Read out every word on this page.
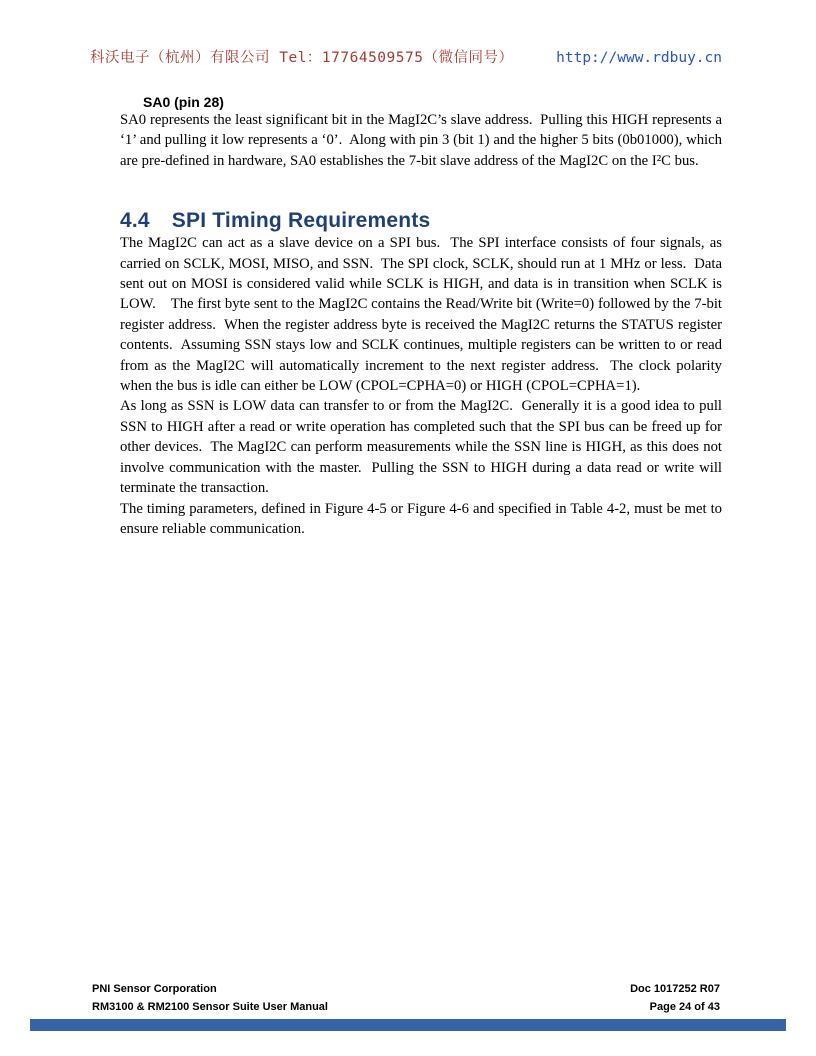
科沃电子（杭州）有限公司 Tel：17764509575（微信同号）	http://www.rdbuy.cn
SA0 (pin 28)

SA0 represents the least significant bit in the MagI2C’s slave address.  Pulling this HIGH represents a ‘1’ and pulling it low represents a ‘0’.  Along with pin 3 (bit 1) and the higher 5 bits (0b01000), which are pre-defined in hardware, SA0 establishes the 7-bit slave address of the MagI2C on the I²C bus.

4.4 SPI Timing Requirements

The MagI2C can act as a slave device on a SPI bus.  The SPI interface consists of four signals, as carried on SCLK, MOSI, MISO, and SSN.  The SPI clock, SCLK, should run at 1 MHz or less.  Data sent out on MOSI is considered valid while SCLK is HIGH, and data is in transition when SCLK is LOW.    The first byte sent to the MagI2C contains the Read/Write bit (Write=0) followed by the 7-bit register address.  When the register address byte is received the MagI2C returns the STATUS register contents.  Assuming SSN stays low and SCLK continues, multiple registers can be written to or read from as the MagI2C will automatically increment to the next register address.  The clock polarity when the bus is idle can either be LOW (CPOL=CPHA=0) or HIGH (CPOL=CPHA=1).

As long as SSN is LOW data can transfer to or from the MagI2C.  Generally it is a good idea to pull SSN to HIGH after a read or write operation has completed such that the SPI bus can be freed up for other devices.  The MagI2C can perform measurements while the SSN line is HIGH, as this does not involve communication with the master.  Pulling the SSN to HIGH during a data read or write will terminate the transaction.

The timing parameters, defined in Figure 4-5 or Figure 4-6 and specified in Table 4-2, must be met to ensure reliable communication.

PNI Sensor Corporation
RM3100 & RM2100 Sensor Suite User Manual
Doc 1017252 R07
Page 24 of 43
